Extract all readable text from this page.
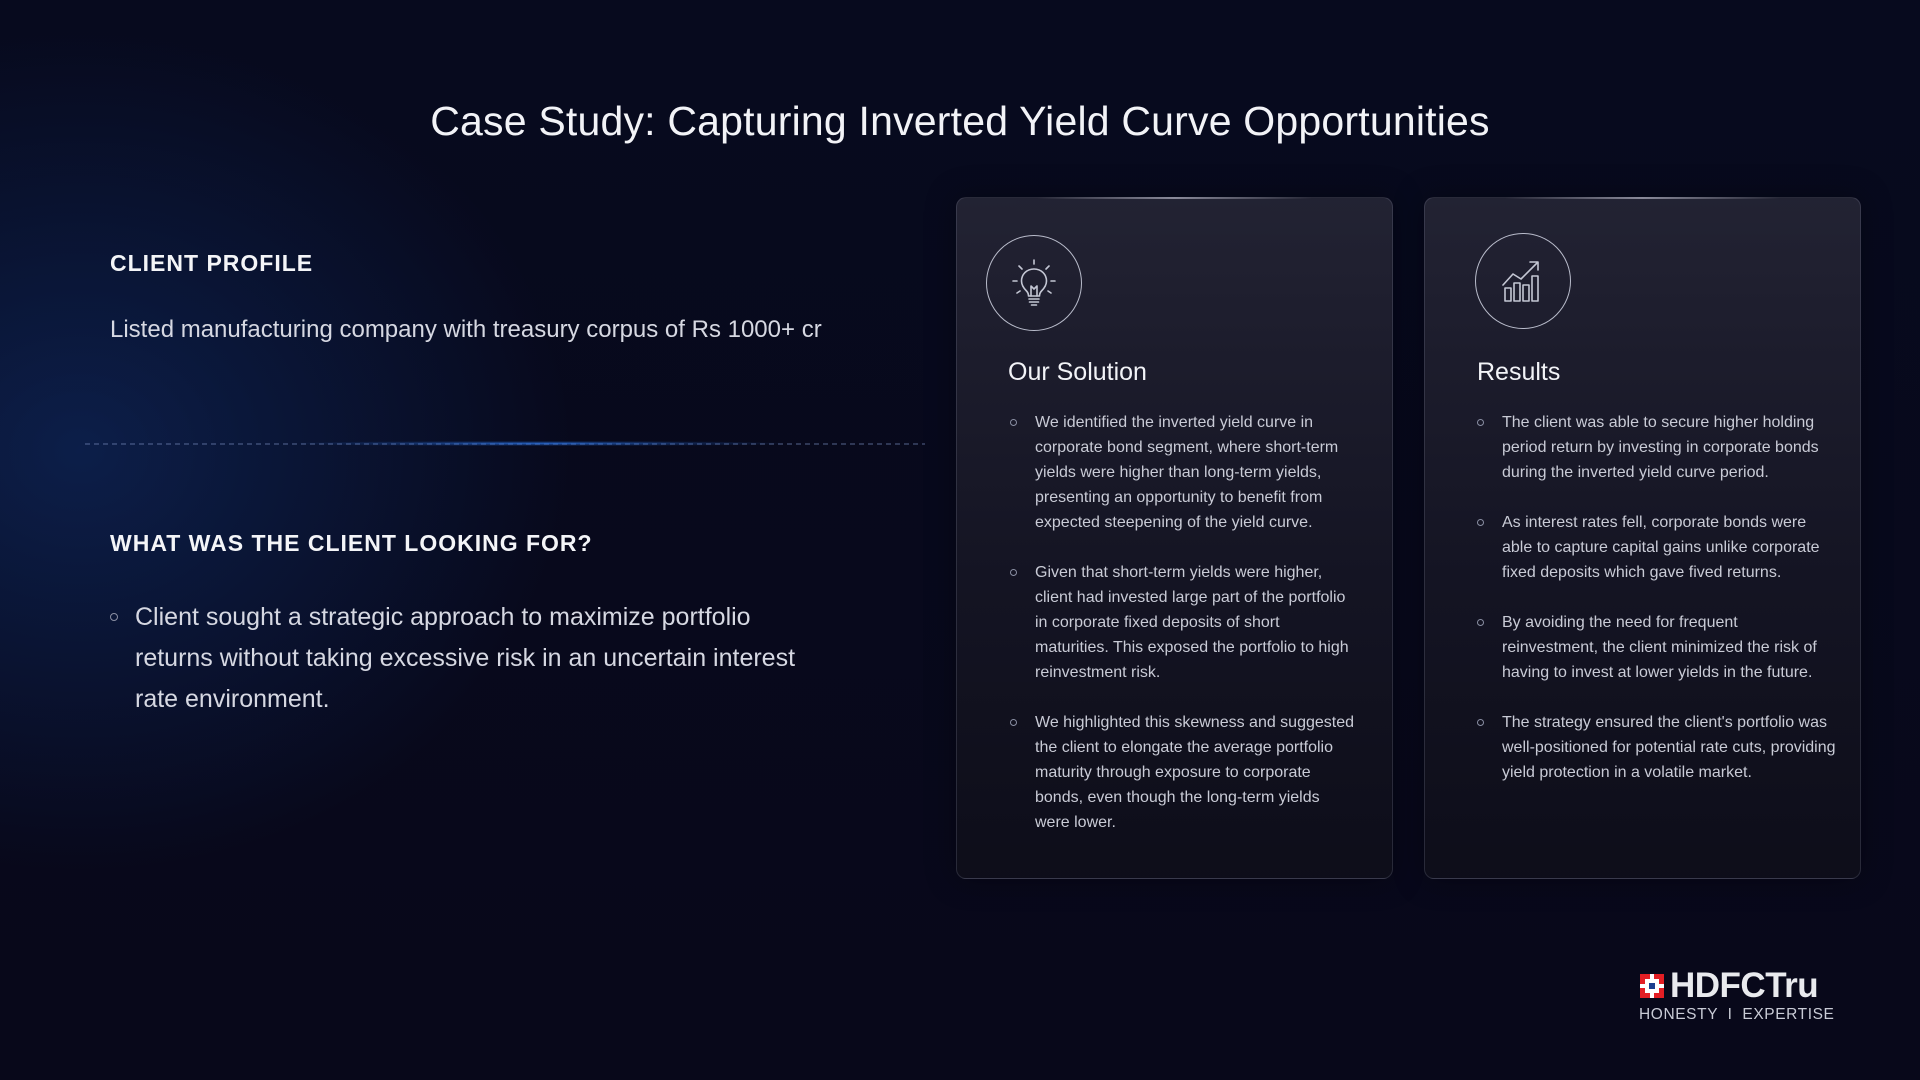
Case Study: Capturing Inverted Yield Curve Opportunities
CLIENT PROFILE
Listed manufacturing company with treasury corpus of Rs 1000+ cr
WHAT WAS THE CLIENT LOOKING FOR?
Client sought a strategic approach to maximize portfolio returns without taking excessive risk in an uncertain interest rate environment.
Our Solution
We identified the inverted yield curve in corporate bond segment, where short-term yields were higher than long-term yields, presenting an opportunity to benefit from expected steepening of the yield curve.
Given that short-term yields were higher, client had invested large part of the portfolio in corporate fixed deposits of short maturities. This exposed the portfolio to high reinvestment risk.
We highlighted this skewness and suggested the client to elongate the average portfolio maturity through exposure to corporate bonds, even though the long-term yields were lower.
Results
The client was able to secure higher holding period return by investing in corporate bonds during the inverted yield curve period.
As interest rates fell, corporate bonds were able to capture capital gains unlike corporate fixed deposits which gave fived returns.
By avoiding the need for frequent reinvestment, the client minimized the risk of having to invest at lower yields in the future.
The strategy ensured the client's portfolio was well-positioned for potential rate cuts, providing yield protection in a volatile market.
HDFCTru
HONESTY  I  EXPERTISE
